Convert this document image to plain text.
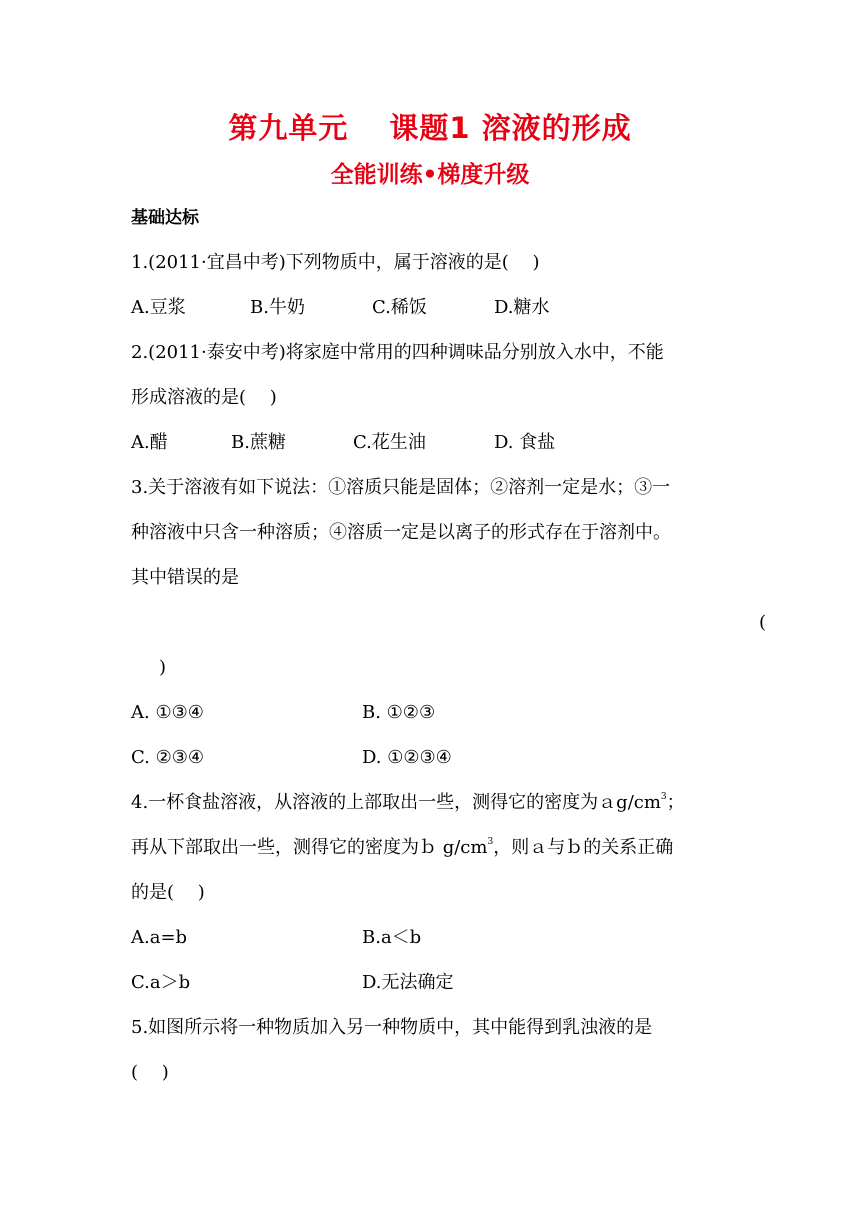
第九单元　 课题1 溶液的形成
全能训练•梯度升级
基础达标
1.(2011·宜昌中考)下列物质中，属于溶液的是(　 )
A.豆浆	B.牛奶	C.稀饭	D.糖水
2.(2011·泰安中考)将家庭中常用的四种调味品分别放入水中，不能
形成溶液的是(　 )
A.醋	B.蔗糖	C.花生油	D. 食盐
3.关于溶液有如下说法：①溶质只能是固体；②溶剂一定是水；③一
种溶液中只含一种溶质；④溶质一定是以离子的形式存在于溶剂中。
其中错误的是
(
)
A. ①③④	B. ①②③
C. ②③④	D. ①②③④
4.一杯食盐溶液，从溶液的上部取出一些，测得它的密度为$ag/cm^3$；
再从下部取出一些，测得它的密度为ｂ $g/cm^3$，则ａ与ｂ的关系正确
的是(　 )
A.a=b	B.a＜b
C.a＞b	D.无法确定
5.如图所示将一种物质加入另一种物质中，其中能得到乳浊液的是
(　 )
